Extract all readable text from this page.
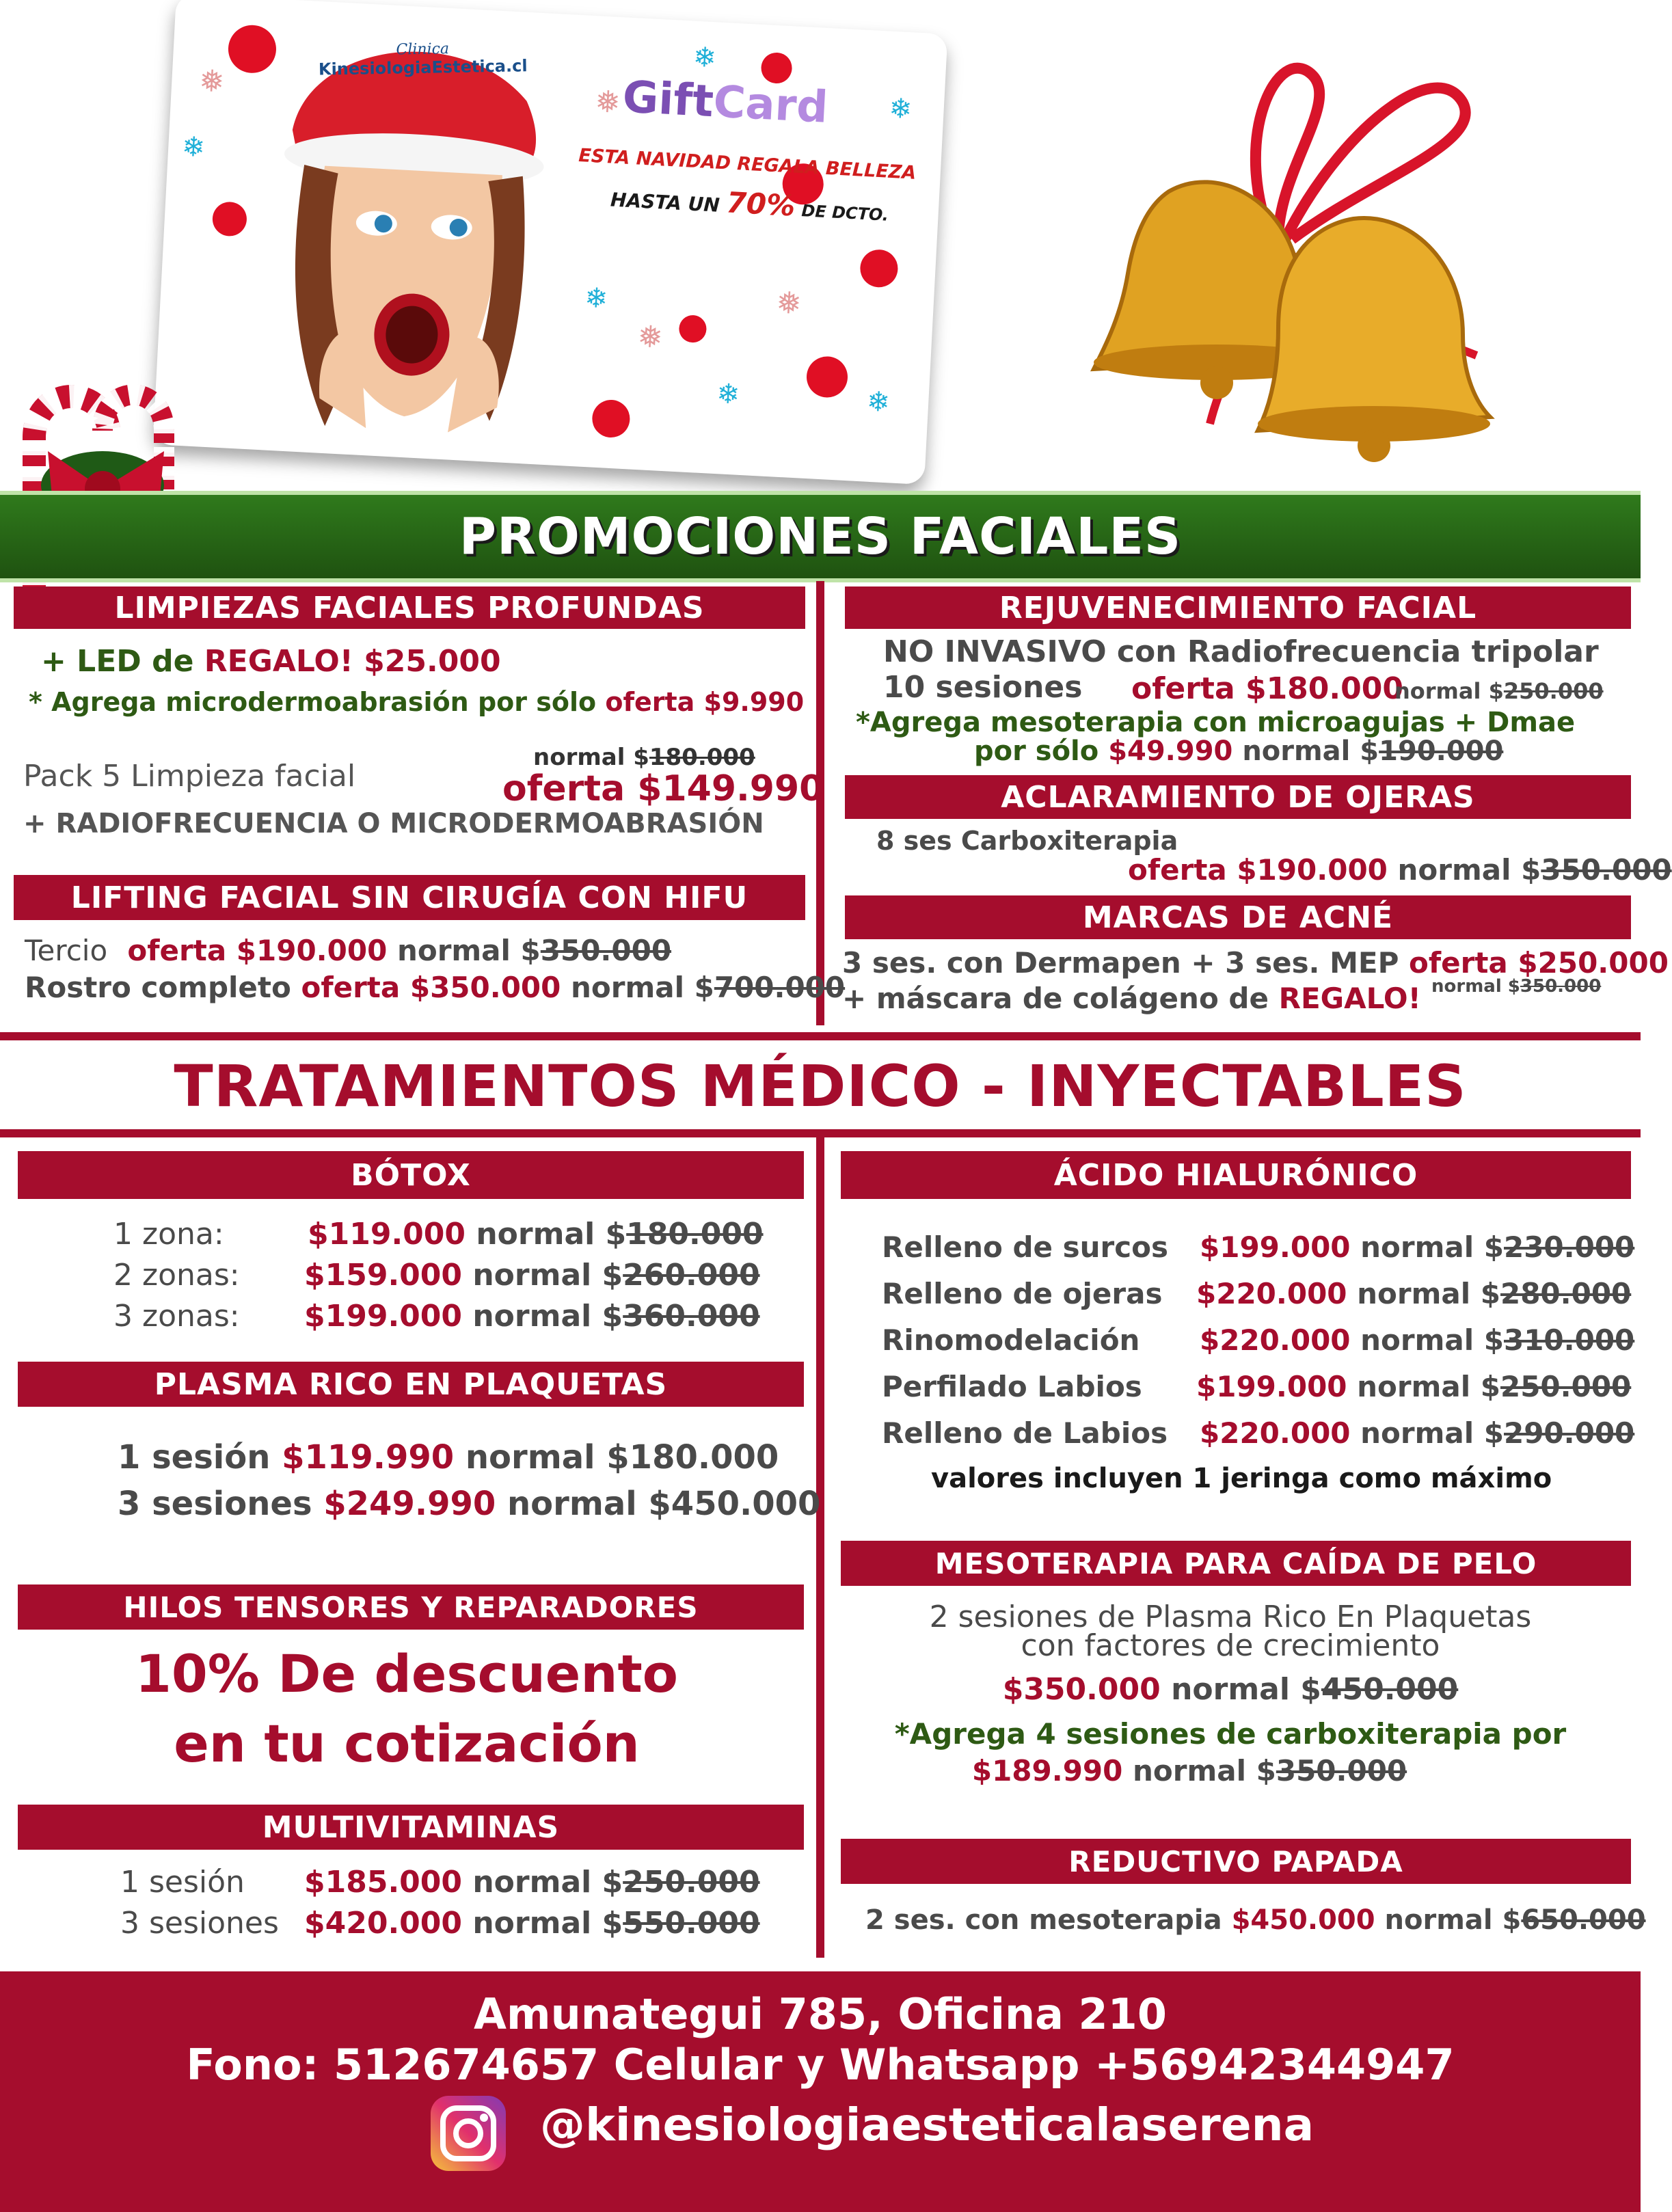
❄
❄
❄	❄
❄
❄
❅
❅
❅
❅
Clinica
KinesiologiaEstetica.cl
GiftCard
ESTA NAVIDAD REGALA BELLEZA
HASTA UN 70% DE DCTO.
PROMOCIONES FACIALES
LIMPIEZAS FACIALES PROFUNDAS
+ LED de REGALO! $25.000
* Agrega microdermoabrasión por sólo oferta $9.990
normal $180.000
Pack 5 Limpieza facial	oferta $149.990
+ RADIOFRECUENCIA O MICRODERMOABRASIÓN
LIFTING FACIAL SIN CIRUGÍA CON HIFU
Tercio oferta $190.000 normal $350.000
Rostro completo oferta $350.000 normal $700.000
REJUVENECIMIENTO FACIAL
NO INVASIVO con Radiofrecuencia tripolar
10 sesiones oferta $180.000
normal $250.000
*Agrega mesoterapia con microagujas + Dmae
por sólo $49.990 normal $190.000
ACLARAMIENTO DE OJERAS
8 ses Carboxiterapia
oferta $190.000 normal $350.000
MARCAS DE ACNÉ
3 ses. con Dermapen + 3 ses. MEP oferta $250.000
normal $350.000
+ máscara de colágeno de REGALO!
TRATAMIENTOS MÉDICO - INYECTABLES
BÓTOX
1 zona:	$119.000 normal $180.000
2 zonas: $159.000 normal $260.000
3 zonas: $199.000 normal $360.000
PLASMA RICO EN PLAQUETAS
1 sesión $119.990 normal $180.000
3 sesiones $249.990 normal $450.000
HILOS TENSORES Y REPARADORES
10% De descuento
en tu cotización
MULTIVITAMINAS
1 sesión $185.000 normal $250.000
3 sesiones $420.000 normal $550.000
ÁCIDO HIALURÓNICO
Relleno de surcos $199.000 normal $230.000
Relleno de ojeras $220.000 normal $280.000
Rinomodelación $220.000 normal $310.000
Perfilado Labios $199.000 normal $250.000
Relleno de Labios $220.000 normal $290.000
valores incluyen 1 jeringa como máximo
MESOTERAPIA PARA CAÍDA DE PELO
2 sesiones de Plasma Rico En Plaquetas
con factores de crecimiento
$350.000 normal $450.000
*Agrega 4 sesiones de carboxiterapia por
$189.990 normal $350.000
REDUCTIVO PAPADA
2 ses. con mesoterapia $450.000 normal $650.000
Amunategui 785, Oficina 210
Fono: 512674657 Celular y Whatsapp +56942344947
@kinesiologiaesteticalaserena
